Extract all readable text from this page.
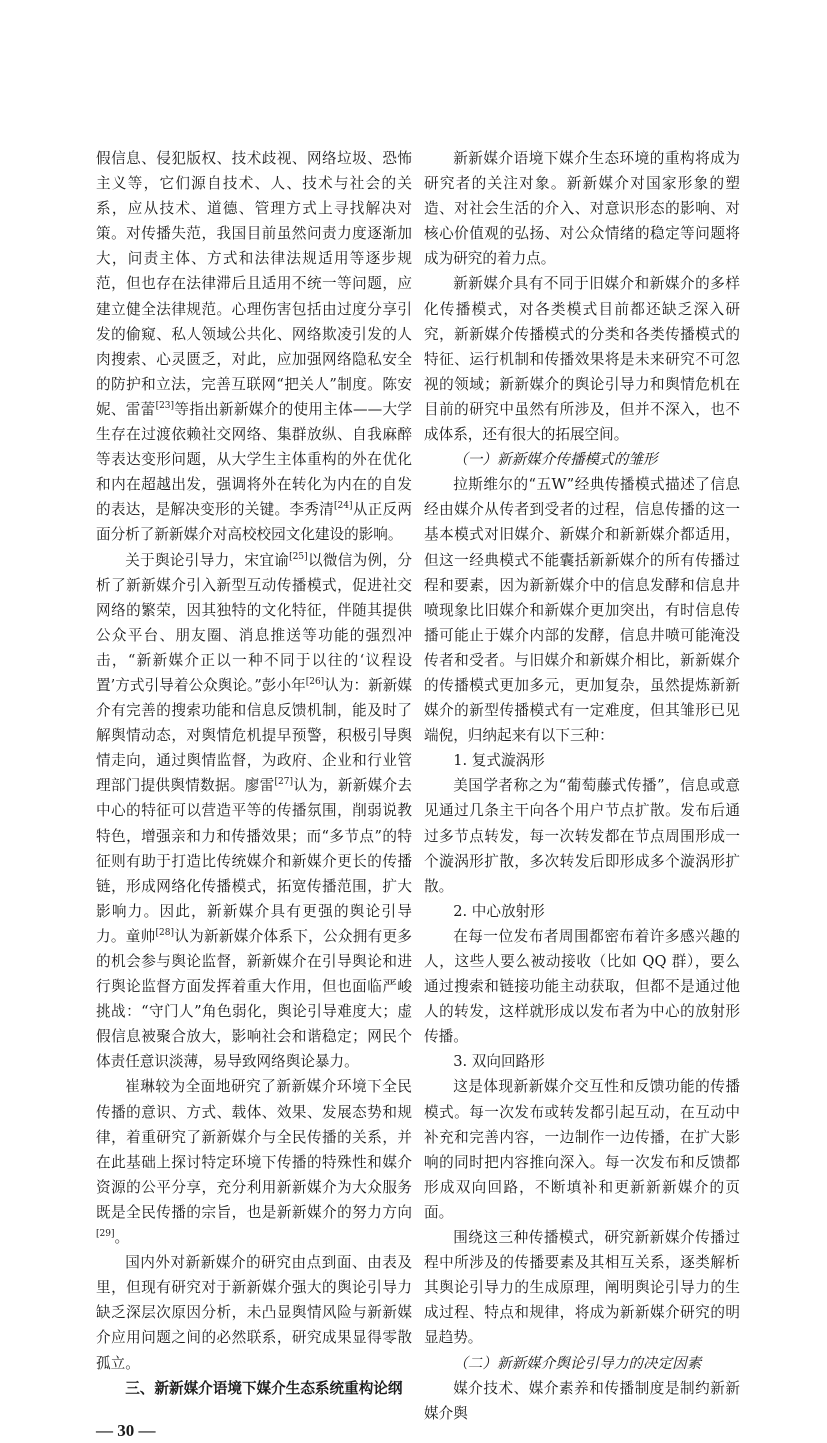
假信息、侵犯版权、技术歧视、网络垃圾、恐怖主义等，它们源自技术、人、技术与社会的关系，应从技术、道德、管理方式上寻找解决对策。对传播失范，我国目前虽然问责力度逐渐加大，问责主体、方式和法律法规适用等逐步规范，但也存在法律滞后且适用不统一等问题，应建立健全法律规范。心理伤害包括由过度分享引发的偷窥、私人领域公共化、网络欺凌引发的人肉搜索、心灵匮乏，对此，应加强网络隐私安全的防护和立法，完善互联网“把关人”制度。陈安妮、雷蕾[23]等指出新新媒介的使用主体——大学生存在过渡依赖社交网络、集群放纵、自我麻醉等表达变形问题，从大学生主体重构的外在优化和内在超越出发，强调将外在转化为内在的自发的表达，是解决变形的关键。李秀清[24]从正反两面分析了新新媒介对高校校园文化建设的影响。

关于舆论引导力，宋宜谕[25]以微信为例，分析了新新媒介引入新型互动传播模式，促进社交网络的繁荣，因其独特的文化特征，伴随其提供公众平台、朋友圈、消息推送等功能的强烈冲击，“新新媒介正以一种不同于以往的‘议程设置’方式引导着公众舆论。”彭小年[26]认为：新新媒介有完善的搜索功能和信息反馈机制，能及时了解舆情动态，对舆情危机提早预警，积极引导舆情走向，通过舆情监督，为政府、企业和行业管理部门提供舆情数据。廖雷[27]认为，新新媒介去中心的特征可以营造平等的传播氛围，削弱说教特色，增强亲和力和传播效果；而“多节点”的特征则有助于打造比传统媒介和新媒介更长的传播链，形成网络化传播模式，拓宽传播范围，扩大影响力。因此，新新媒介具有更强的舆论引导力。童帅[28]认为新新媒介体系下，公众拥有更多的机会参与舆论监督，新新媒介在引导舆论和进行舆论监督方面发挥着重大作用，但也面临严峻挑战：“守门人”角色弱化，舆论引导难度大；虚假信息被聚合放大，影响社会和谐稳定；网民个体责任意识淡薄，易导致网络舆论暴力。

崔琳较为全面地研究了新新媒介环境下全民传播的意识、方式、载体、效果、发展态势和规律，着重研究了新新媒介与全民传播的关系，并在此基础上探讨特定环境下传播的特殊性和媒介资源的公平分享，充分利用新新媒介为大众服务既是全民传播的宗旨，也是新新媒介的努力方向[29]。

国内外对新新媒介的研究由点到面、由表及里，但现有研究对于新新媒介强大的舆论引导力缺乏深层次原因分析，未凸显舆情风险与新新媒介应用问题之间的必然联系，研究成果显得零散孤立。

三、新新媒介语境下媒介生态系统重构论纲

— 30 —

新新媒介语境下媒介生态环境的重构将成为研究者的关注对象。新新媒介对国家形象的塑造、对社会生活的介入、对意识形态的影响、对核心价值观的弘扬、对公众情绪的稳定等问题将成为研究的着力点。

新新媒介具有不同于旧媒介和新媒介的多样化传播模式，对各类模式目前都还缺乏深入研究，新新媒介传播模式的分类和各类传播模式的特征、运行机制和传播效果将是未来研究不可忽视的领域；新新媒介的舆论引导力和舆情危机在目前的研究中虽然有所涉及，但并不深入，也不成体系，还有很大的拓展空间。

（一）新新媒介传播模式的雏形

拉斯维尔的“五W”经典传播模式描述了信息经由媒介从传者到受者的过程，信息传播的这一基本模式对旧媒介、新媒介和新新媒介都适用，但这一经典模式不能囊括新新媒介的所有传播过程和要素，因为新新媒介中的信息发酵和信息井喷现象比旧媒介和新媒介更加突出，有时信息传播可能止于媒介内部的发酵，信息井喷可能淹没传者和受者。与旧媒介和新媒介相比，新新媒介的传播模式更加多元，更加复杂，虽然提炼新新媒介的新型传播模式有一定难度，但其雏形已见端倪，归纳起来有以下三种：

1. 复式漩涡形

美国学者称之为“葡萄藤式传播”，信息或意见通过几条主干向各个用户节点扩散。发布后通过多节点转发，每一次转发都在节点周围形成一个漩涡形扩散，多次转发后即形成多个漩涡形扩散。

2. 中心放射形

在每一位发布者周围都密布着许多感兴趣的人，这些人要么被动接收（比如 QQ 群），要么通过搜索和链接功能主动获取，但都不是通过他人的转发，这样就形成以发布者为中心的放射形传播。

3. 双向回路形

这是体现新新媒介交互性和反馈功能的传播模式。每一次发布或转发都引起互动，在互动中补充和完善内容，一边制作一边传播，在扩大影响的同时把内容推向深入。每一次发布和反馈都形成双向回路，不断填补和更新新新媒介的页面。

围绕这三种传播模式，研究新新媒介传播过程中所涉及的传播要素及其相互关系，逐类解析其舆论引导力的生成原理，阐明舆论引导力的生成过程、特点和规律，将成为新新媒介研究的明显趋势。

（二）新新媒介舆论引导力的决定因素

媒介技术、媒介素养和传播制度是制约新新媒介舆
